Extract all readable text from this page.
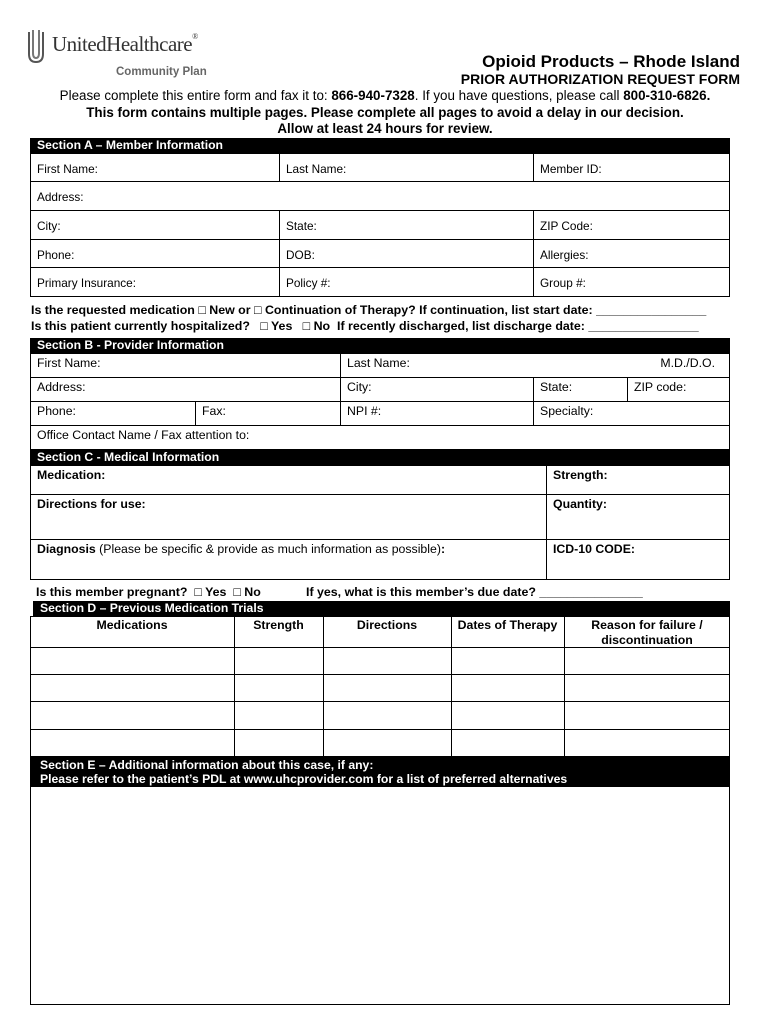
UnitedHealthcare®
Community Plan
Opioid Products – Rhode Island
PRIOR AUTHORIZATION REQUEST FORM
Please complete this entire form and fax it to: 866-940-7328. If you have questions, please call 800-310-6826.
This form contains multiple pages. Please complete all pages to avoid a delay in our decision.
Allow at least 24 hours for review.
Section A – Member Information
First Name:	Last Name:	Member ID:
Address:
City:	State:	ZIP Code:
Phone:	DOB:	Allergies:
Primary Insurance:	Policy #:	Group #:
Is the requested medication □ New or □ Continuation of Therapy? If continuation, list start date: ________________
Is this patient currently hospitalized? □ Yes □ No If recently discharged, list discharge date: ________________
Section B - Provider Information
First Name:	Last Name:	M.D./D.O.
Address:	City:	State:	ZIP code:
Phone:	Fax:	NPI #:	Specialty:
Office Contact Name / Fax attention to:
Section C - Medical Information
Medication:	Strength:
Directions for use:	Quantity:
Diagnosis (Please be specific & provide as much information as possible):	ICD-10 CODE:
Is this member pregnant? □ Yes □ No	If yes, what is this member’s due date? _______________
Section D – Previous Medication Trials
Medications	Strength	Directions	Dates of Therapy	Reason for failure /
discontinuation
Section E – Additional information about this case, if any:
Please refer to the patient’s PDL at www.uhcprovider.com for a list of preferred alternatives
